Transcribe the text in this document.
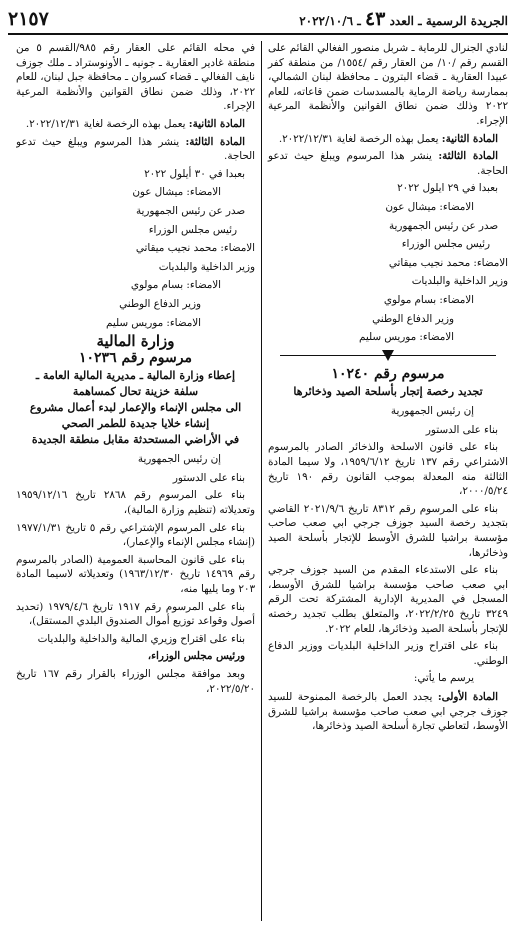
الجريدة الرسمية ـ العدد ٤٣ ـ ٢٠٢٢/١٠/٦
٢١٥٧

لنادي الجنرال للرماية ـ شربل منصور الفغالي القائم على القسم رقم /١٠/ من العقار رقم /١٥٥٤/ من منطقة كفر عبيدا العقارية ـ قضاء البترون ـ محافظة لبنان الشمالي، بممارسة رياضة الرماية بالمسدسات ضمن قاعاته، للعام ٢٠٢٢ وذلك ضمن نطاق القوانين والأنظمة المرعية الإجراء.

المادة الثانية: يعمل بهذه الرخصة لغاية ٢٠٢٢/١٢/٣١.

المادة الثالثة: ينشر هذا المرسوم ويبلغ حيث تدعو الحاجة.

بعبدا في ٢٩ ايلول ٢٠٢٢
الامضاء: ميشال عون
صدر عن رئيس الجمهورية
رئيس مجلس الوزراء
الامضاء: محمد نجيب ميقاتي
وزير الداخلية والبلديات
الامضاء: بسام مولوي
وزير الدفاع الوطني
الامضاء: موريس سليم
مرسوم رقم ١٠٢٤٠
تجديد رخصة إتجار بأسلحة الصيد وذخائرها
إن رئيس الجمهورية

بناء على الدستور

بناء على قانون الاسلحة والذخائر الصادر بالمرسوم الاشتراعي رقم ١٣٧ تاريخ ١٩٥٩/٦/١٢، ولا سيما المادة الثالثة منه المعدلة بموجب القانون رقم ١٩٠ تاريخ ٢٠٠٠/٥/٢٤،

بناء على المرسوم رقم ٨٣١٢ تاريخ ٢٠٢١/٩/٦ القاضي بتجديد رخصة السيد جوزف جرجي ابي صعب صاحب مؤسسة براشيا للشرق الأوسط للإتجار بأسلحة الصيد وذخائرها،

بناء على الاستدعاء المقدم من السيد جوزف جرجي ابي صعب صاحب مؤسسة براشيا للشرق الأوسط، المسجل في المديرية الإدارية المشتركة تحت الرقم ٣٢٤٩ تاريخ ٢٠٢٢/٢/٢٥، والمتعلق بطلب تجديد رخصته للإتجار بأسلحة الصيد وذخائرها، للعام ٢٠٢٢.

بناء على اقتراح وزير الداخلية البلديات ووزير الدفاع الوطني.

يرسم ما يأتي:

المادة الأولى: يجدد العمل بالرخصة الممنوحة للسيد جوزف جرجي ابي صعب صاحب مؤسسة براشيا للشرق الأوسط، لتعاطي تجارة أسلحة الصيد وذخائرها،

في محله القائم على العقار رقم ٩٨٥/القسم ٥ من منطقة غادير العقارية ـ جونيه ـ الأونوستراد ـ ملك جوزف نايف الفغالي ـ قضاء كسروان ـ محافظة جبل لبنان، للعام ٢٠٢٢، وذلك ضمن نطاق القوانين والأنظمة المرعية الإجراء.

المادة الثانية: يعمل بهذه الرخصة لغاية ٢٠٢٢/١٢/٣١.

المادة الثالثة: ينشر هذا المرسوم ويبلغ حيث تدعو الحاجة.

بعبدا في ٣٠ أيلول ٢٠٢٢
الامضاء: ميشال عون
صدر عن رئيس الجمهورية
رئيس مجلس الوزراء
الامضاء: محمد نجيب ميقاتي
وزير الداخلية والبلديات
الامضاء: بسام مولوي
وزير الدفاع الوطني
الامضاء: موريس سليم
وزارة المالية
مرسوم رقم ١٠٢٣٦
إعطاء وزارة المالية ـ مديرية المالية العامة ـ
سلفة خزينة تحال كمساهمة
الى مجلس الإنماء والإعمار لبدء أعمال مشروع
إنشاء خلايا جديدة للطمر الصحي
في الأراضي المستحدثة مقابل منطقة الجديدة
إن رئيس الجمهورية

بناء على الدستور

بناء على المرسوم رقم ٢٨٦٨ تاريخ ١٩٥٩/١٢/١٦ وتعديلاته (تنظيم وزارة المالية)،

بناء على المرسوم الإشتراعي رقم ٥ تاريخ ١٩٧٧/١/٣١ (إنشاء مجلس الإنماء والإعمار)،

بناء على قانون المحاسبة العمومية (الصادر بالمرسوم رقم ١٤٩٦٩ تاريخ ١٩٦٣/١٢/٣٠) وتعديلاته لاسيما المادة ٢٠٣ وما يليها منه،

بناء على المرسوم رقم ١٩١٧ تاريخ ١٩٧٩/٤/٦ (تحديد أصول وقواعد توزيع أموال الصندوق البلدي المستقل)،

بناء على اقتراح وزيري المالية والداخلية والبلديات

ورئيس مجلس الوزراء،

وبعد موافقة مجلس الوزراء بالقرار رقم ١٦٧ تاريخ ٢٠٢٢/٥/٢٠،
